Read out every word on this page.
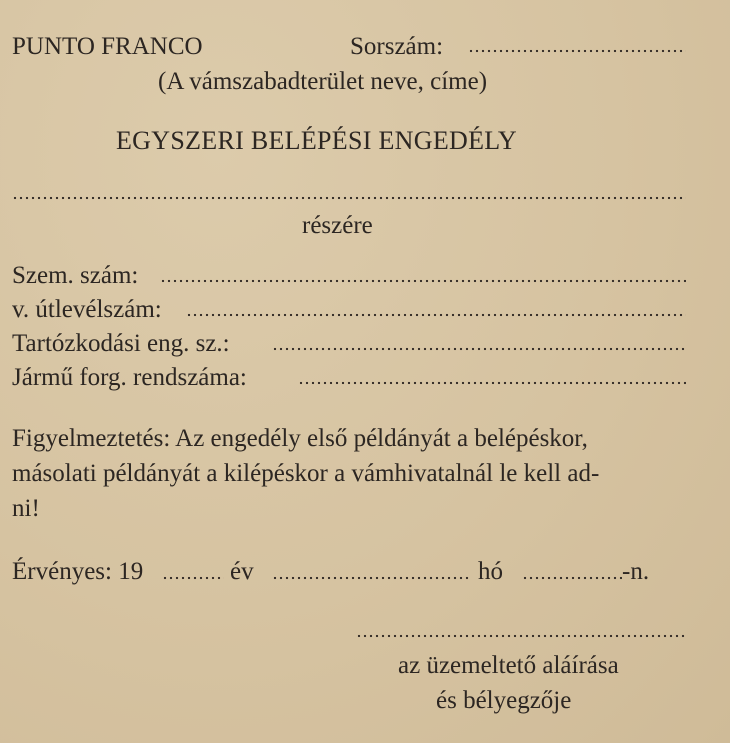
PUNTO FRANCO	Sorszám:
(A vámszabadterület neve, címe)
EGYSZERI BELÉPÉSI ENGEDÉLY
részére
Szem. szám:
v. útlevélszám:
Tartózkodási eng. sz.:
Jármű forg. rendszáma:
Figyelmeztetés: Az engedély első példányát a belépéskor,
másolati példányát a kilépéskor a vámhivatalnál le kell ad-
ni!
Érvényes: 19	év	hó	-n.
az üzemeltető aláírása
és bélyegzője
